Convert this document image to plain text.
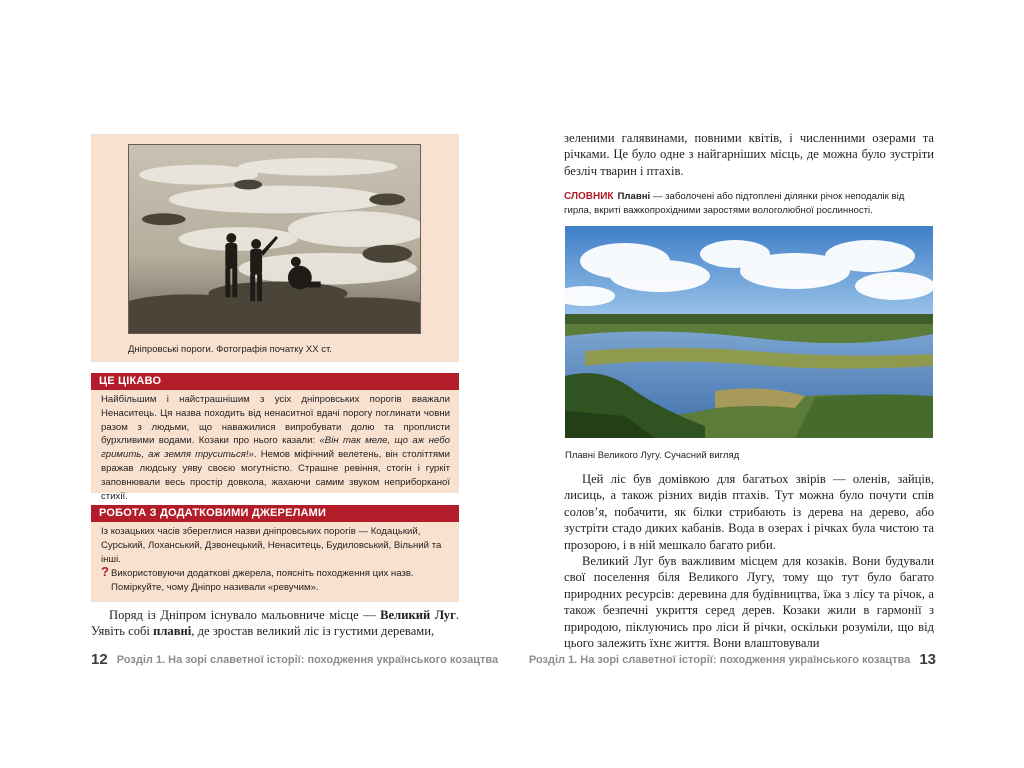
Дніпровські пороги. Фотографія початку ХХ ст.
ЦЕ ЦІКАВО
Найбільшим і найстрашнішим з усіх дніпровських порогів вважали Ненаситець. Ця назва походить від ненаситної вдачі порогу поглинати човни разом з людьми, що наважилися випробувати долю та проплисти бурхливими водами. Козаки про нього казали: «Він так меле, що аж небо гримить, аж земля труситься!». Немов міфічний велетень, він століттями вражав людську уяву своєю могутністю. Страшне ревіння, стогін і гуркіт заповнювали весь простір довкола, жахаючи самим звуком неприборканої стихії.
РОБОТА З ДОДАТКОВИМИ ДЖЕРЕЛАМИ
Із козацьких часів збереглися назви дніпровських порогів — Кодацький, Сурський, Лоханський, Дзвонецький, Ненаситець, Будиловський, Вільний та інші.
? Використовуючи додаткові джерела, поясніть походження цих назв. Поміркуйте, чому Дніпро називали «ревучим».

Поряд із Дніпром існувало мальовниче місце — Великий Луг. Уявіть собі плавні, де зростав великий ліс із густими деревами,

12 Розділ 1. На зорі славетної історії: походження українського козацтва

зеленими галявинами, повними квітів, і численними озерами та річками. Це було одне з найгарніших місць, де можна було зустріти безліч тварин і птахів.

СЛОВНИК Плавні — заболочені або підтоплені ділянки річок неподалік від гирла, вкриті важкопрохідними заростями вологолюбної рослинності.
Плавні Великого Лугу. Сучасний вигляд

Цей ліс був домівкою для багатьох звірів — оленів, зайців, лисиць, а також різних видів птахів. Тут можна було почути спів солов’я, побачити, як білки стрибають із дерева на дерево, або зустріти стадо диких кабанів. Вода в озерах і річках була чистою та прозорою, і в ній мешкало багато риби.

Великий Луг був важливим місцем для козаків. Вони будували свої поселення біля Великого Лугу, тому що тут було багато природних ресурсів: деревина для будівництва, їжа з лісу та річок, а також безпечні укриття серед дерев. Козаки жили в гармонії з природою, піклуючись про ліси й річки, оскільки розуміли, що від цього залежить їхнє життя. Вони влаштовували

Розділ 1. На зорі славетної історії: походження українського козацтва 13
